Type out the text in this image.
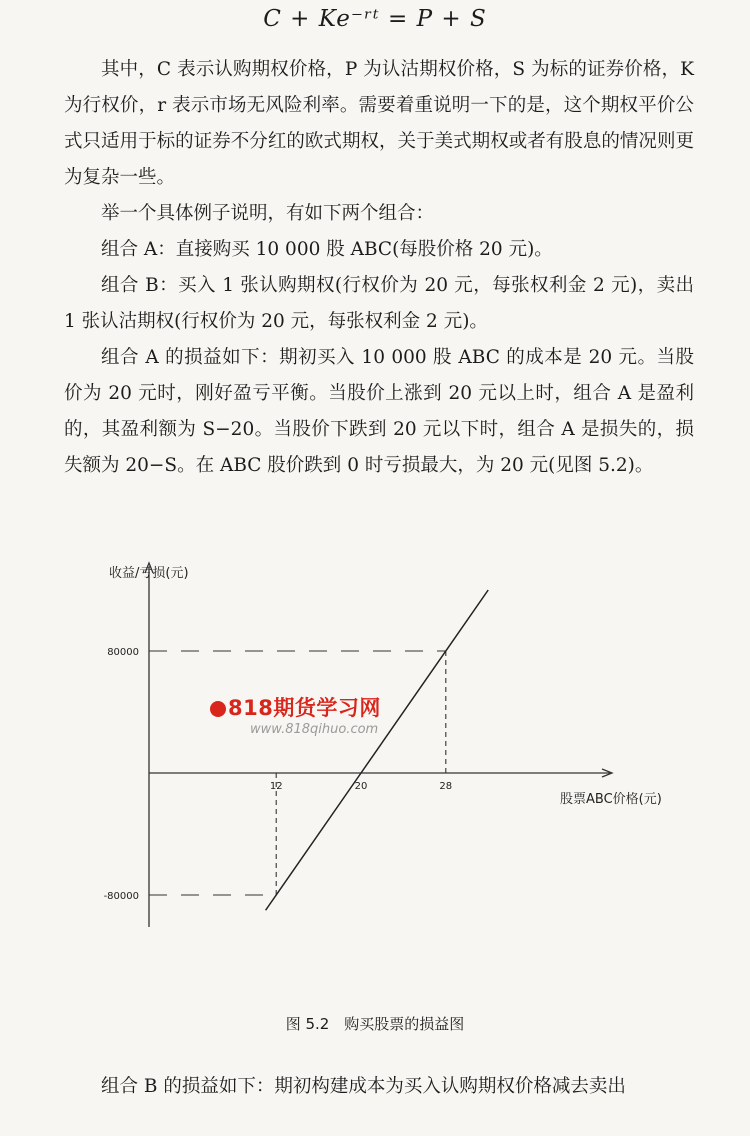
C + Ke⁻ʳᵗ = P + S

其中，C 表示认购期权价格，P 为认沽期权价格，S 为标的证券价格，K 为行权价，r 表示市场无风险利率。需要着重说明一下的是，这个期权平价公式只适用于标的证券不分红的欧式期权，关于美式期权或者有股息的情况则更为复杂一些。

举一个具体例子说明，有如下两个组合：

组合 A：直接购买 10 000 股 ABC(每股价格 20 元)。

组合 B：买入 1 张认购期权(行权价为 20 元，每张权利金 2 元)，卖出 1 张认沽期权(行权价为 20 元，每张权利金 2 元)。

组合 A 的损益如下：期初买入 10 000 股 ABC 的成本是 20 元。当股价为 20 元时，刚好盈亏平衡。当股价上涨到 20 元以上时，组合 A 是盈利的，其盈利额为 S−20。当股价下跌到 20 元以下时，组合 A 是损失的，损失额为 20−S。在 ABC 股价跌到 0 时亏损最大，为 20 元(见图 5.2)。

收益/亏损(元)
股票ABC价格(元)
80000
-80000
12	20	28
818期货学习网
www.818qihuo.com
图 5.2　购买股票的损益图
组合 B 的损益如下：期初构建成本为买入认购期权价格减去卖出
